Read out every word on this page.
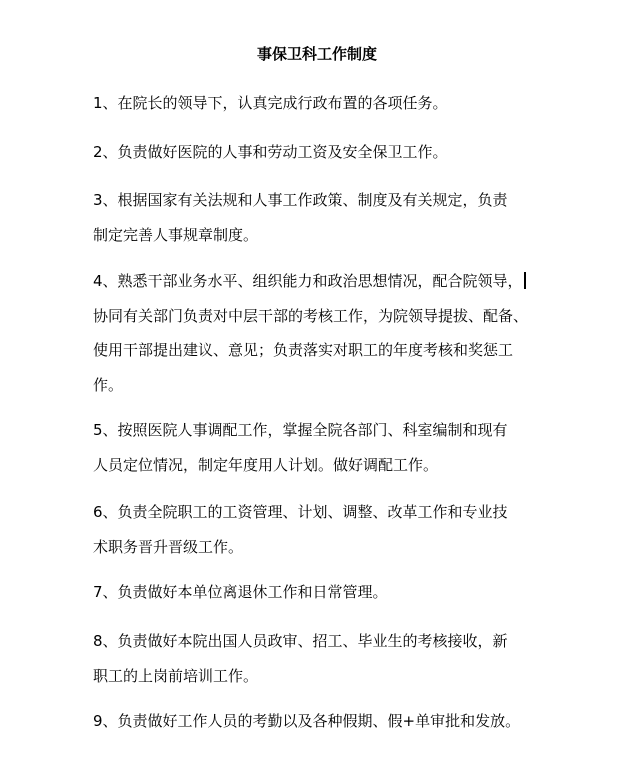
事保卫科工作制度
1、在院长的领导下，认真完成行政布置的各项任务。
2、负责做好医院的人事和劳动工资及安全保卫工作。
3、根据国家有关法规和人事工作政策、制度及有关规定，负责
制定完善人事规章制度。
4、熟悉干部业务水平、组织能力和政治思想情况，配合院领导，
协同有关部门负责对中层干部的考核工作，为院领导提拔、配备、
使用干部提出建议、意见；负责落实对职工的年度考核和奖惩工
作。
5、按照医院人事调配工作，掌握全院各部门、科室编制和现有
人员定位情况，制定年度用人计划。做好调配工作。
6、负责全院职工的工资管理、计划、调整、改革工作和专业技
术职务晋升晋级工作。
7、负责做好本单位离退休工作和日常管理。
8、负责做好本院出国人员政审、招工、毕业生的考核接收，新
职工的上岗前培训工作。
9、负责做好工作人员的考勤以及各种假期、假+单审批和发放。
